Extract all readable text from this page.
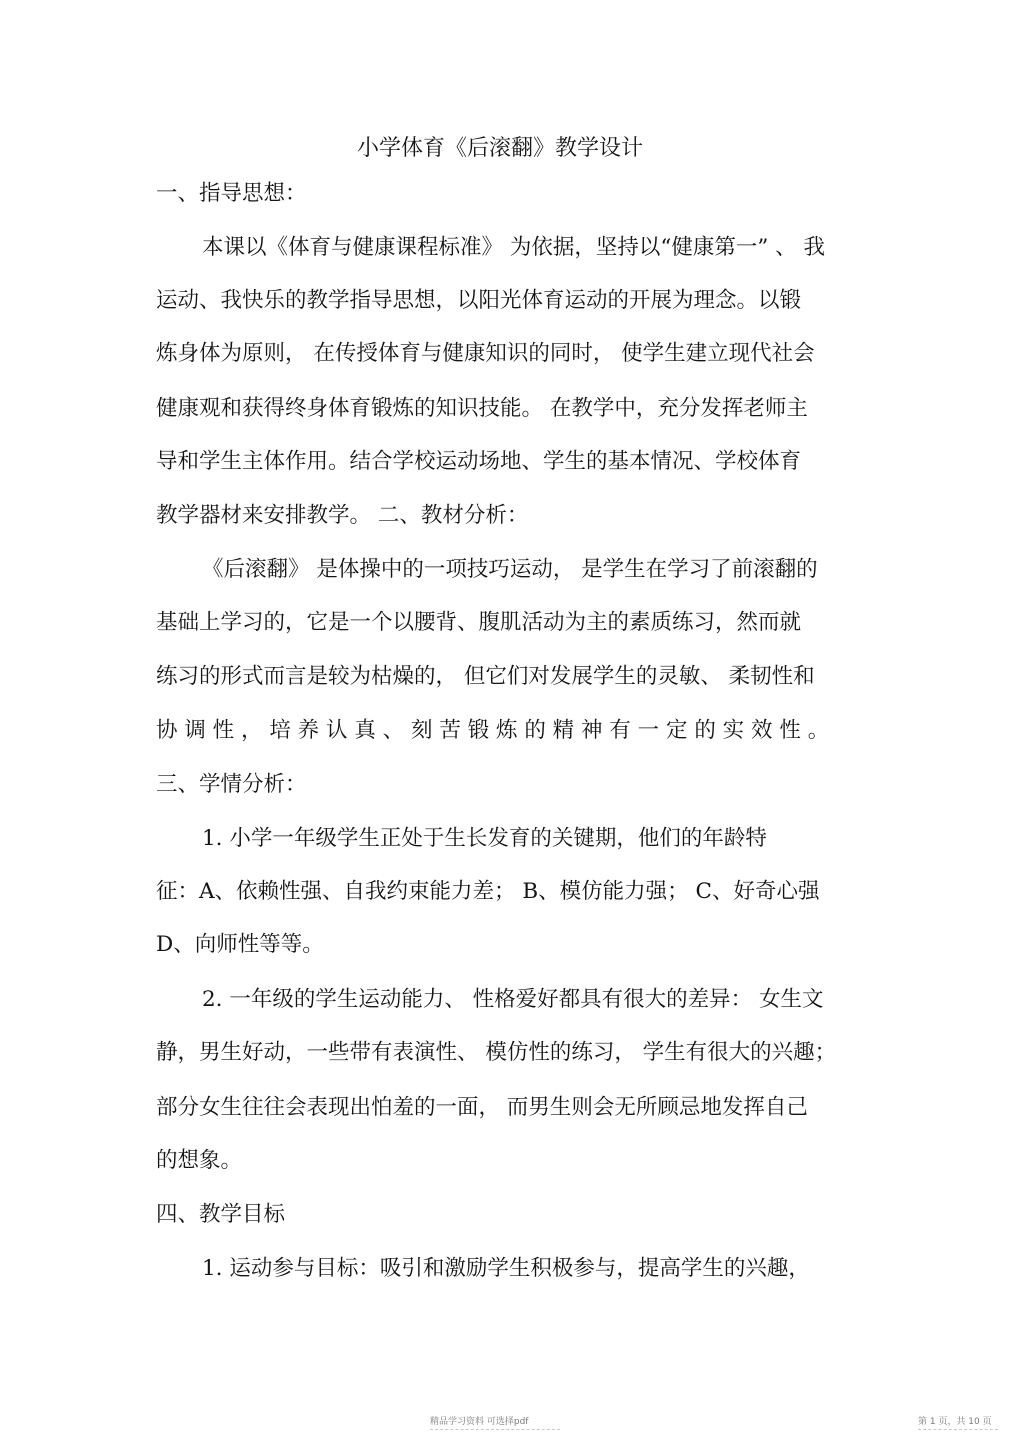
小学体育《后滚翻》教学设计
一、指导思想：
本课以《体育与健康课程标准》 为依据，坚持以“健康第一” 、 我
运动、我快乐的教学指导思想，以阳光体育运动的开展为理念。以锻
炼身体为原则， 在传授体育与健康知识的同时， 使学生建立现代社会
健康观和获得终身体育锻炼的知识技能。 在教学中，充分发挥老师主
导和学生主体作用。结合学校运动场地、学生的基本情况、学校体育
教学器材来安排教学。 二、教材分析：
《后滚翻》 是体操中的一项技巧运动， 是学生在学习了前滚翻的
基础上学习的，它是一个以腰背、腹肌活动为主的素质练习，然而就
练习的形式而言是较为枯燥的， 但它们对发展学生的灵敏、 柔韧性和
协 调 性 ， 培 养 认 真 、 刻 苦 锻 炼 的 精 神 有 一 定 的 实 效 性 。
三、学情分析：
1. 小学一年级学生正处于生长发育的关键期，他们的年龄特
征：A、依赖性强、自我约束能力差； B、模仿能力强； C、好奇心强
D、向师性等等。
2. 一年级的学生运动能力、 性格爱好都具有很大的差异： 女生文
静，男生好动，一些带有表演性、 模仿性的练习， 学生有很大的兴趣；
部分女生往往会表现出怕羞的一面， 而男生则会无所顾忌地发挥自己
的想象。
四、教学目标
1. 运动参与目标：吸引和激励学生积极参与，提高学生的兴趣，
精品学习资料 可选择pdf	第 1 页，共 10 页
